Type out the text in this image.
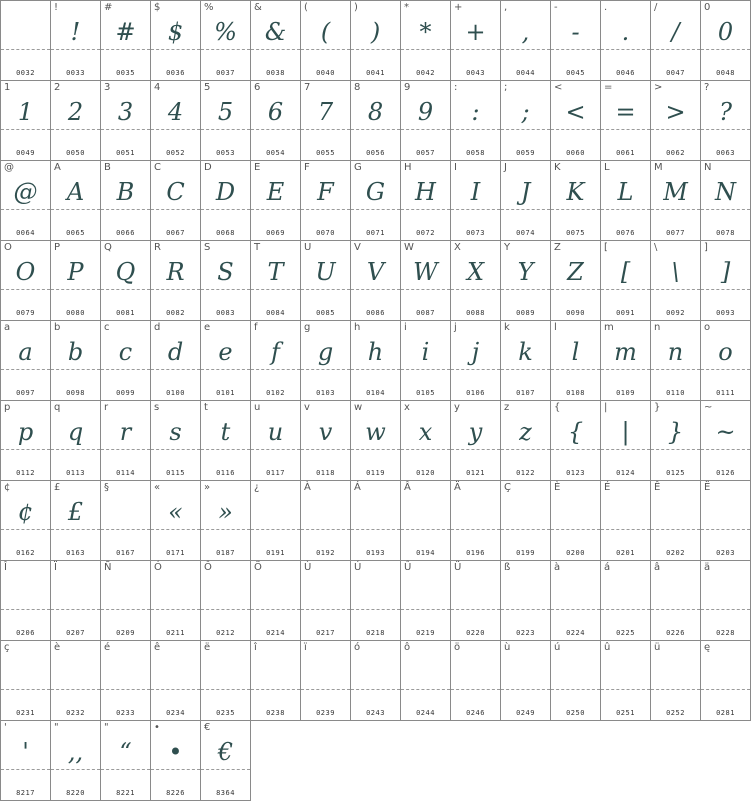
0032
!
!
0033
#
#
0035
$
$
0036
%
%
0037
&
&
0038
(
(
0040
)
)
0041
*
*
0042
+
+
0043
,
,
0044
-
-
0045
.
.
0046
/
/
0047
0
0
0048
1
1
0049
2
2
0050
3
3
0051
4
4
0052
5
5
0053
6
6
0054
7
7
0055
8
8
0056
9
9
0057
:
:
0058
;
;
0059
<
<
0060
=
=
0061
>
>
0062
?
?
0063
@
@
0064
A
A
0065
B
B
0066
C
C
0067
D
D
0068
E
E
0069
F
F
0070
G
G
0071
H
H
0072
I
I
0073
J
J
0074
K
K
0075
L
L
0076
M
M
0077
N
N
0078
O
O
0079
P
P
0080
Q
Q
0081
R
R
0082
S
S
0083
T
T
0084
U
U
0085
V
V
0086
W
W
0087
X
X
0088
Y
Y
0089
Z
Z
0090
[
[
0091
\
\
0092
]
]
0093
a
a
0097
b
b
0098
c
c
0099
d
d
0100
e
e
0101
f
f
0102
g
g
0103
h
h
0104
i
i
0105
j
j
0106
k
k
0107
l
l
0108
m
m
0109
n
n
0110
o
o
0111
p
p
0112
q
q
0113
r
r
0114
s
s
0115
t
t
0116
u
u
0117
v
v
0118
w
w
0119
x
x
0120
y
y
0121
z
z
0122
{
{
0123
|
|
0124
}
}
0125
~
~
0126
¢
¢
0162
£
£
0163
§
0167
«
«
0171
»
»
0187
¿
0191
À
0192
Á
0193
Â
0194
Ä
0196
Ç
0199
È
0200
É
0201
Ê
0202
Ë
0203
Î
0206
Ï
0207
Ñ
0209
Ó
0211
Ô
0212
Ö
0214
Ù
0217
Ú
0218
Û
0219
Ü
0220
ß
0223
à
0224
á
0225
â
0226
ä
0228
ç
0231
è
0232
é
0233
ê
0234
ë
0235
î
0238
ï
0239
ó
0243
ô
0244
ö
0246
ù
0249
ú
0250
û
0251
ü
0252
ę
0281
'
'
8217
"
,,
8220
"
“
8221
•
•
8226
€
€
8364
